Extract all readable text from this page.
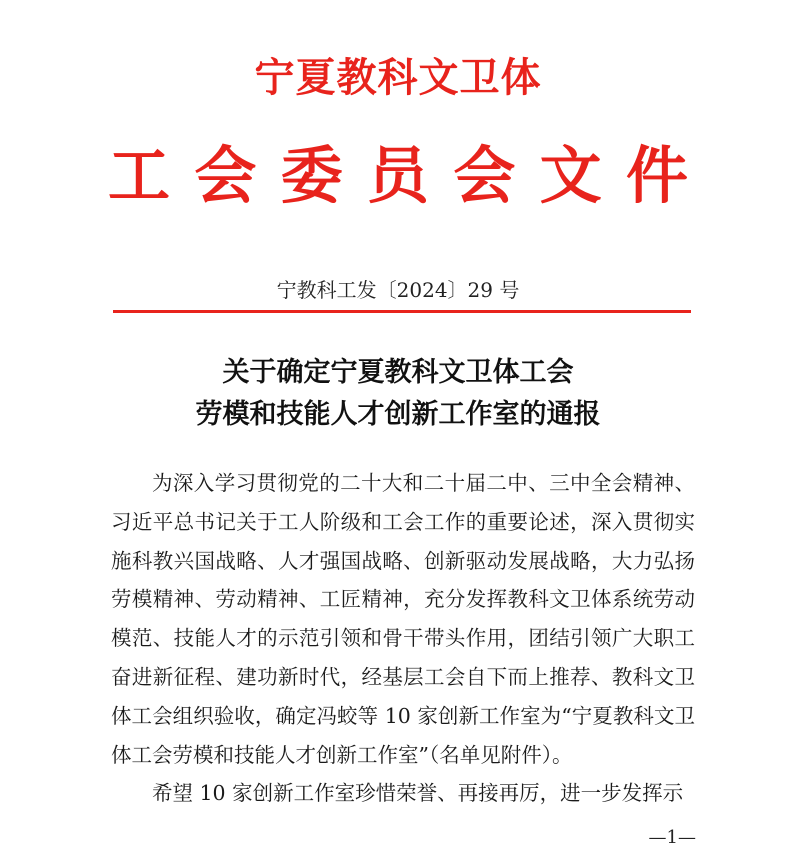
宁夏教科文卫体
工 会 委 员 会 文 件
宁教科工发〔2024〕29 号
关于确定宁夏教科文卫体工会
劳模和技能人才创新工作室的通报

为深入学习贯彻党的二十大和二十届二中、三中全会精神、习近平总书记关于工人阶级和工会工作的重要论述，深入贯彻实施科教兴国战略、人才强国战略、创新驱动发展战略，大力弘扬劳模精神、劳动精神、工匠精神，充分发挥教科文卫体系统劳动模范、技能人才的示范引领和骨干带头作用，团结引领广大职工奋进新征程、建功新时代，经基层工会自下而上推荐、教科文卫体工会组织验收，确定冯蛟等 10 家创新工作室为“宁夏教科文卫体工会劳模和技能人才创新工作室”（名单见附件）。

希望 10 家创新工作室珍惜荣誉、再接再厉，进一步发挥示

—1—
